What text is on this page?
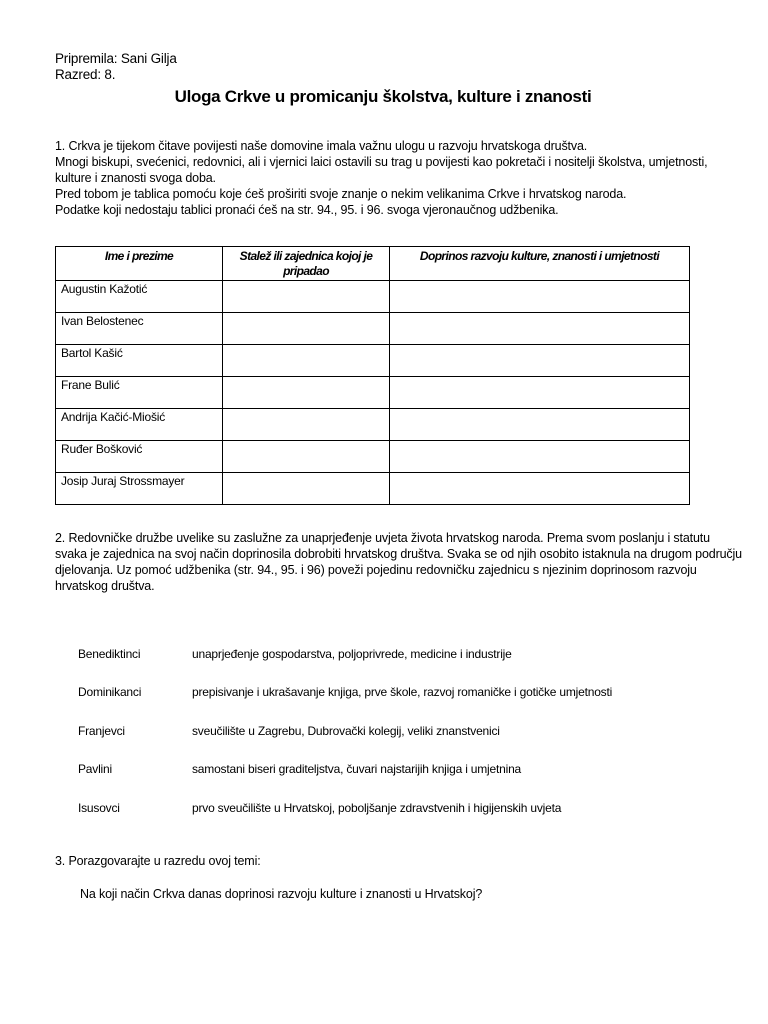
Pripremila: Sani Gilja
Razred: 8.
Uloga Crkve u promicanju školstva, kulture i znanosti
1. Crkva je tijekom čitave povijesti naše domovine imala važnu ulogu u razvoju hrvatskoga društva.
Mnogi biskupi, svećenici, redovnici, ali i vjernici laici ostavili su trag u povijesti kao pokretači i nositelji školstva, umjetnosti,
kulture i znanosti svoga doba.
Pred tobom je tablica pomoću koje ćeš proširiti svoje znanje o nekim velikanima Crkve i hrvatskog naroda.
Podatke koji nedostaju tablici pronaći ćeš na str. 94., 95. i 96. svoga vjeronaučnog udžbenika.
Ime i prezime	Stalež ili zajednica kojoj je pripadao	Doprinos razvoju kulture, znanosti i umjetnosti
Augustin Kažotić		
Ivan Belostenec		
Bartol Kašić		
Frane Bulić		
Andrija Kačić-Miošić		
Ruđer Bošković		
Josip Juraj Strossmayer		
2. Redovničke družbe uvelike su zaslužne za unaprjeđenje uvjeta života hrvatskog naroda. Prema svom poslanju i statutu
svaka je zajednica na svoj način doprinosila dobrobiti hrvatskog društva. Svaka se od njih osobito istaknula na drugom području
djelovanja. Uz pomoć udžbenika (str. 94., 95. i 96) poveži pojedinu redovničku zajednicu s njezinim doprinosom razvoju
hrvatskog društva.
Benediktinci	unaprjeđenje gospodarstva, poljoprivrede, medicine i industrije
Dominikanci	prepisivanje i ukrašavanje knjiga, prve škole, razvoj romaničke i gotičke umjetnosti
Franjevci	sveučilište u Zagrebu, Dubrovački kolegij, veliki znanstvenici
Pavlini	samostani biseri graditeljstva, čuvari najstarijih knjiga i umjetnina
Isusovci	prvo sveučilište u Hrvatskoj, poboljšanje zdravstvenih i higijenskih uvjeta
3. Porazgovarajte u razredu ovoj temi:
Na koji način Crkva danas doprinosi razvoju kulture i znanosti u Hrvatskoj?
